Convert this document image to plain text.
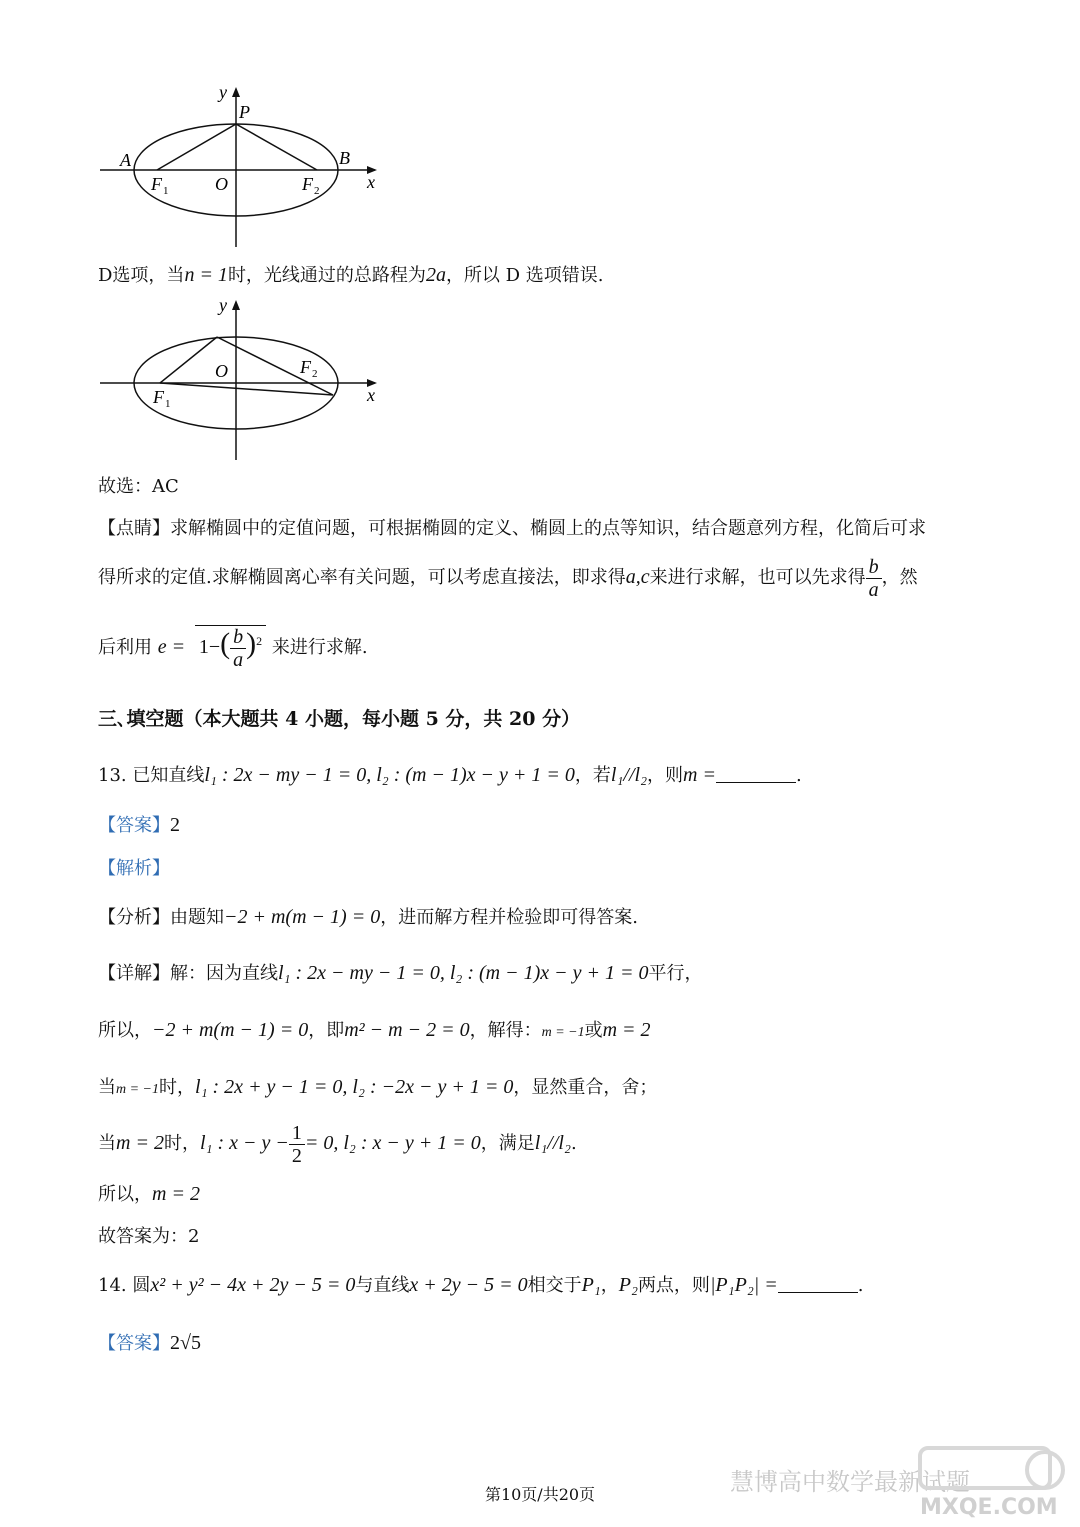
y
P
A	B
F 1	O	F 2	x
D选项，当n = 1时，光线通过的总路程为2a，所以 D 选项错误.
y
O	F 2
F 1	x
故选：AC
【点睛】求解椭圆中的定值问题，可根据椭圆的定义、椭圆上的点等知识，结合题意列方程，化简后可求
得所求的定值.求解椭圆离心率有关问题，可以考虑直接法，即求得a,c来进行求解，也可以先求得 $\frac{b}{a}$ ，然
后利用 $e = 1-( \frac{b}{a} )^2$ 来进行求解.
三､填空题（本大题共 4 小题，每小题 5 分，共 20 分）
13. 已知直线l₁ : 2x − my − 1 = 0, l₂ : (m − 1)x − y + 1 = 0，若l₁//l₂，则m =	.
【答案】2
【解析】
【分析】由题知−2 + m(m − 1) = 0，进而解方程并检验即可得答案.
【详解】解：因为直线l₁ : 2x − my − 1 = 0, l₂ : (m − 1)x − y + 1 = 0平行，
所以，−2 + m(m − 1) = 0，即m² − m − 2 = 0，解得：m = −1或m = 2
当m = −1时，l₁ : 2x + y − 1 = 0, l₂ : −2x − y + 1 = 0，显然重合，舍；
当m = 2时，l₁ : $x - y - \frac{1}{2} = 0$, l₂ : x − y + 1 = 0，满足l₁//l₂.
所以，m = 2
故答案为：2
14. 圆x² + y² − 4x + 2y − 5 = 0与直线x + 2y − 5 = 0相交于P₁，P₂两点，则|P₁P₂| =	.
【答案】2√5
慧博高中数学最新试题
MXQE.COM
第10页/共20页
